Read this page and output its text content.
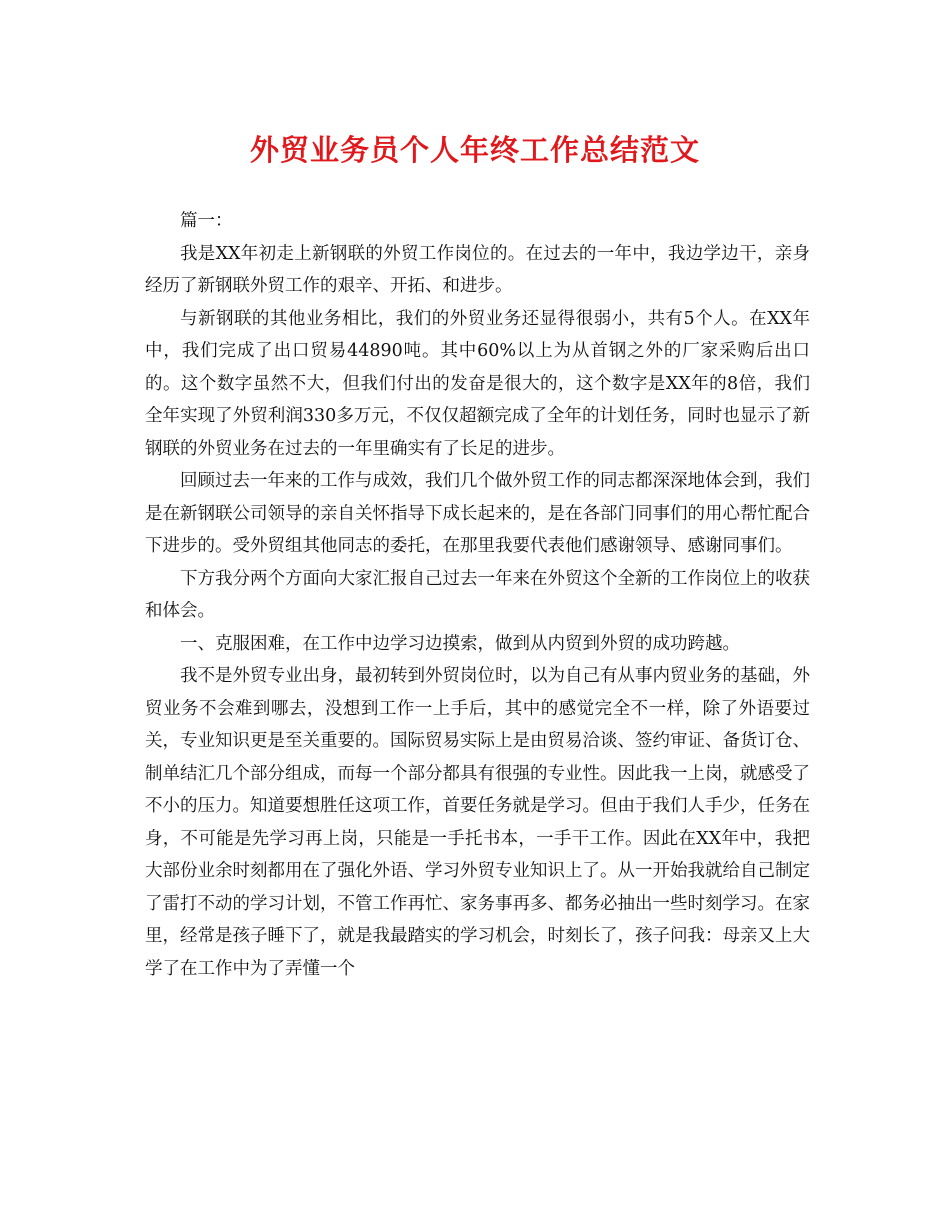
外贸业务员个人年终工作总结范文

篇一：

我是XX年初走上新钢联的外贸工作岗位的。在过去的一年中，我边学边干，亲身经历了新钢联外贸工作的艰辛、开拓、和进步。

与新钢联的其他业务相比，我们的外贸业务还显得很弱小，共有5个人。在XX年中，我们完成了出口贸易44890吨。其中60%以上为从首钢之外的厂家采购后出口的。这个数字虽然不大，但我们付出的发奋是很大的，这个数字是XX年的8倍，我们全年实现了外贸利润330多万元，不仅仅超额完成了全年的计划任务，同时也显示了新钢联的外贸业务在过去的一年里确实有了长足的进步。

回顾过去一年来的工作与成效，我们几个做外贸工作的同志都深深地体会到，我们是在新钢联公司领导的亲自关怀指导下成长起来的，是在各部门同事们的用心帮忙配合下进步的。受外贸组其他同志的委托，在那里我要代表他们感谢领导、感谢同事们。

下方我分两个方面向大家汇报自己过去一年来在外贸这个全新的工作岗位上的收获和体会。

一、克服困难，在工作中边学习边摸索，做到从内贸到外贸的成功跨越。

我不是外贸专业出身，最初转到外贸岗位时，以为自己有从事内贸业务的基础，外贸业务不会难到哪去，没想到工作一上手后，其中的感觉完全不一样，除了外语要过关，专业知识更是至关重要的。国际贸易实际上是由贸易洽谈、签约审证、备货订仓、制单结汇几个部分组成，而每一个部分都具有很强的专业性。因此我一上岗，就感受了不小的压力。知道要想胜任这项工作，首要任务就是学习。但由于我们人手少，任务在身，不可能是先学习再上岗，只能是一手托书本，一手干工作。因此在XX年中，我把大部份业余时刻都用在了强化外语、学习外贸专业知识上了。从一开始我就给自己制定了雷打不动的学习计划，不管工作再忙、家务事再多、都务必抽出一些时刻学习。在家里，经常是孩子睡下了，就是我最踏实的学习机会，时刻长了，孩子问我：母亲又上大学了在工作中为了弄懂一个
